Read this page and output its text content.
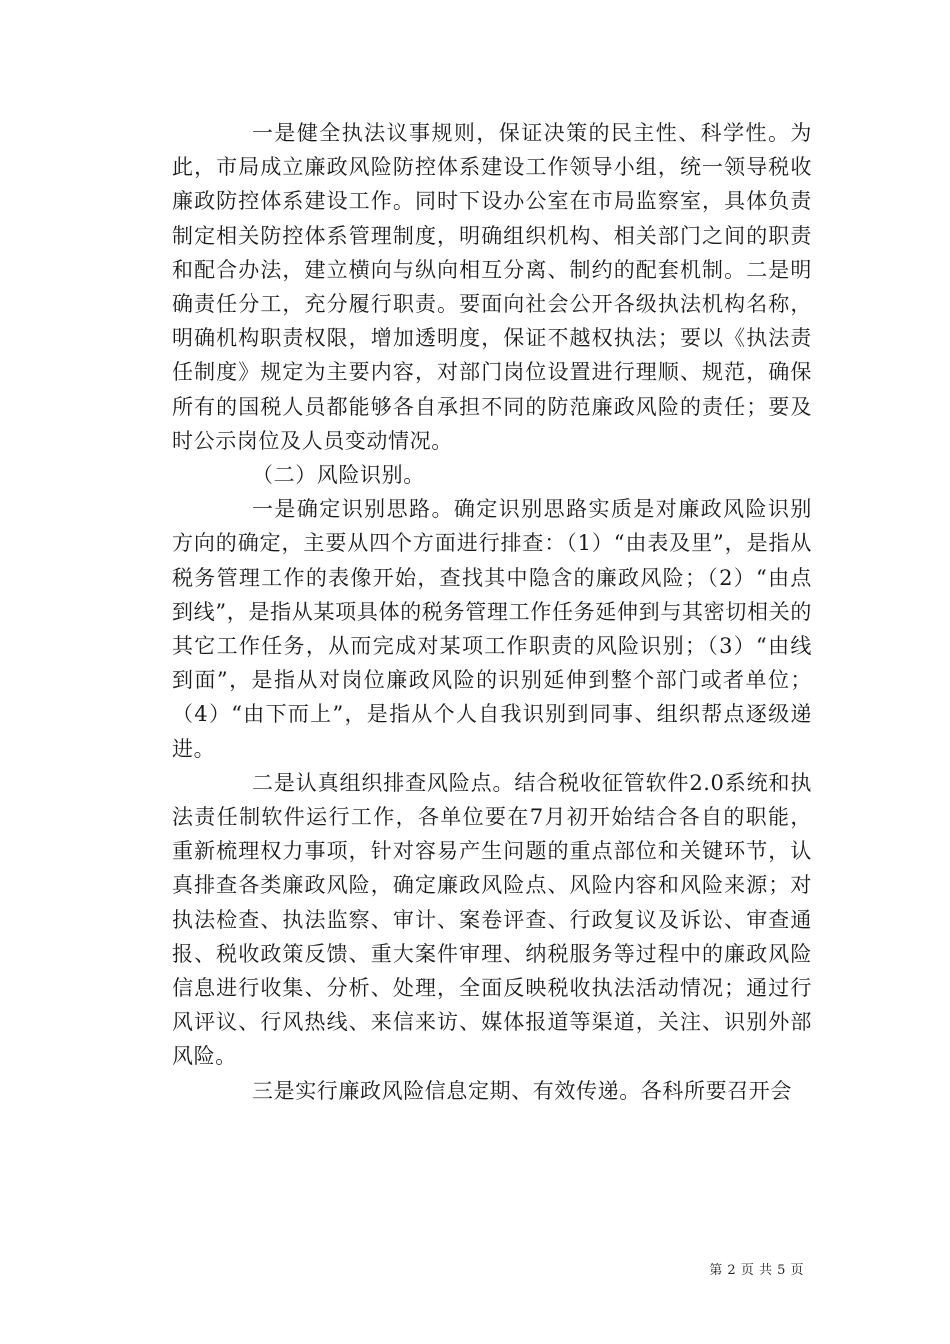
一是健全执法议事规则，保证决策的民主性、科学性。为此，市局成立廉政风险防控体系建设工作领导小组，统一领导税收廉政防控体系建设工作。同时下设办公室在市局监察室，具体负责制定相关防控体系管理制度，明确组织机构、相关部门之间的职责和配合办法，建立横向与纵向相互分离、制约的配套机制。二是明确责任分工，充分履行职责。要面向社会公开各级执法机构名称，明确机构职责权限，增加透明度，保证不越权执法；要以《执法责任制度》规定为主要内容，对部门岗位设置进行理顺、规范，确保所有的国税人员都能够各自承担不同的防范廉政风险的责任；要及时公示岗位及人员变动情况。

（二）风险识别。

一是确定识别思路。确定识别思路实质是对廉政风险识别方向的确定，主要从四个方面进行排查：（1）“由表及里”，是指从税务管理工作的表像开始，查找其中隐含的廉政风险；（2）“由点到线”，是指从某项具体的税务管理工作任务延伸到与其密切相关的其它工作任务，从而完成对某项工作职责的风险识别；（3）“由线到面”，是指从对岗位廉政风险的识别延伸到整个部门或者单位；（4）“由下而上”，是指从个人自我识别到同事、组织帮点逐级递进。

二是认真组织排查风险点。结合税收征管软件2.0系统和执法责任制软件运行工作，各单位要在7月初开始结合各自的职能，重新梳理权力事项，针对容易产生问题的重点部位和关键环节，认真排查各类廉政风险，确定廉政风险点、风险内容和风险来源；对执法检查、执法监察、审计、案卷评查、行政复议及诉讼、审查通报、税收政策反馈、重大案件审理、纳税服务等过程中的廉政风险信息进行收集、分析、处理，全面反映税收执法活动情况；通过行风评议、行风热线、来信来访、媒体报道等渠道，关注、识别外部风险。

三是实行廉政风险信息定期、有效传递。各科所要召开会

第 2 页 共 5 页
